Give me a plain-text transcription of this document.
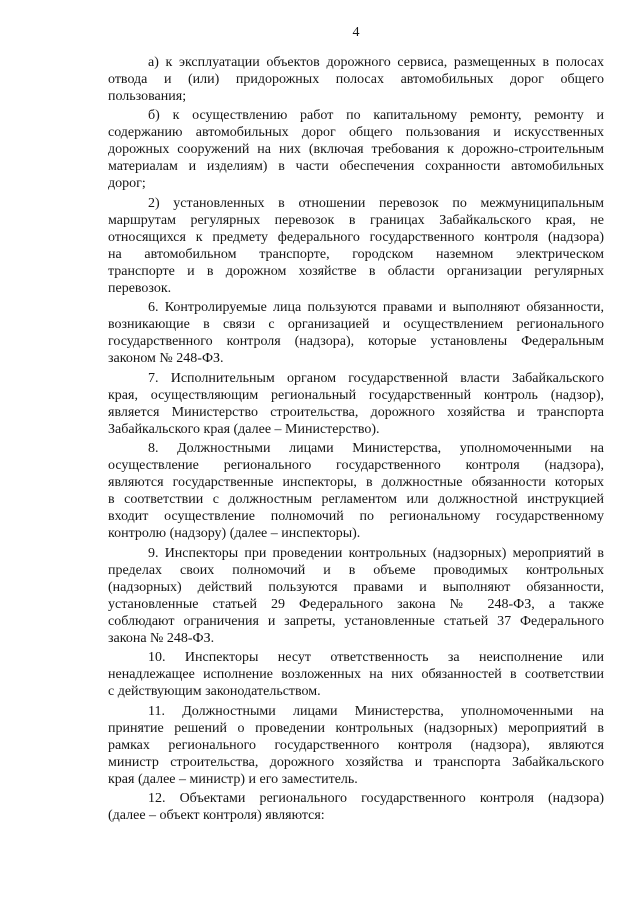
4
а) к эксплуатации объектов дорожного сервиса, размещенных в полосах
отвода и (или) придорожных полосах автомобильных дорог общего
пользования;
б) к осуществлению работ по капитальному ремонту, ремонту и
содержанию автомобильных дорог общего пользования и искусственных
дорожных сооружений на них (включая требования к дорожно-строительным
материалам и изделиям) в части обеспечения сохранности автомобильных
дорог;
2) установленных в отношении перевозок по межмуниципальным
маршрутам регулярных перевозок в границах Забайкальского края, не
относящихся к предмету федерального государственного контроля (надзора)
на автомобильном транспорте, городском наземном электрическом
транспорте и в дорожном хозяйстве в области организации регулярных
перевозок.
6. Контролируемые лица пользуются правами и выполняют обязанности,
возникающие в связи с организацией и осуществлением регионального
государственного контроля (надзора), которые установлены Федеральным
законом № 248-ФЗ.
7. Исполнительным органом государственной власти Забайкальского
края, осуществляющим региональный государственный контроль (надзор),
является Министерство строительства, дорожного хозяйства и транспорта
Забайкальского края (далее – Министерство).
8. Должностными лицами Министерства, уполномоченными на
осуществление регионального государственного контроля (надзора),
являются государственные инспекторы, в должностные обязанности которых
в соответствии с должностным регламентом или должностной инструкцией
входит осуществление полномочий по региональному государственному
контролю (надзору) (далее – инспекторы).
9. Инспекторы при проведении контрольных (надзорных) мероприятий в
пределах своих полномочий и в объеме проводимых контрольных
(надзорных) действий пользуются правами и выполняют обязанности,
установленные статьей 29 Федерального закона № 248-ФЗ, а также
соблюдают ограничения и запреты, установленные статьей 37 Федерального
закона № 248-ФЗ.
10. Инспекторы несут ответственность за неисполнение или
ненадлежащее исполнение возложенных на них обязанностей в соответствии
с действующим законодательством.
11. Должностными лицами Министерства, уполномоченными на
принятие решений о проведении контрольных (надзорных) мероприятий в
рамках регионального государственного контроля (надзора), являются
министр строительства, дорожного хозяйства и транспорта Забайкальского
края (далее – министр) и его заместитель.
12. Объектами регионального государственного контроля (надзора)
(далее – объект контроля) являются:
